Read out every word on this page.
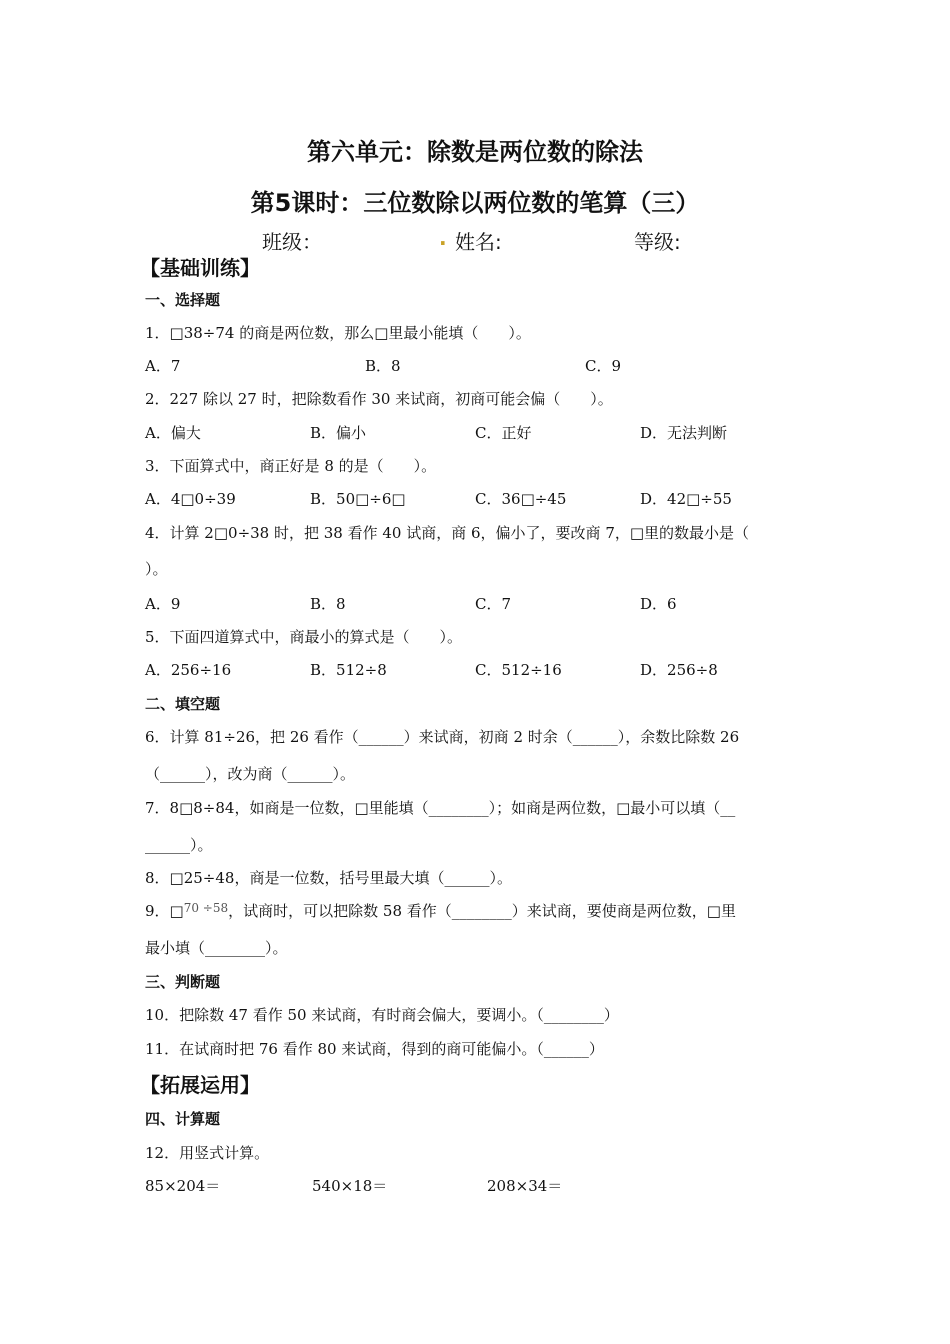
第六单元：除数是两位数的除法
第5课时：三位数除以两位数的笔算（三）
班级：	. 姓名:	等级:
【基础训练】
一、选择题
1．□38÷74 的商是两位数，那么□里最小能填（　　）。
A．7	B．8	C．9
2．227 除以 27 时，把除数看作 30 来试商，初商可能会偏（　　）。
A．偏大	B．偏小	C．正好	D．无法判断
3．下面算式中，商正好是 8 的是（　　）。
A．4□0÷39	B．50□÷6□	C．36□÷45	D．42□÷55
4．计算 2□0÷38 时，把 38 看作 40 试商，商 6，偏小了，要改商 7，□里的数最小是（
）。
A．9	B．8	C．7	D．6
5．下面四道算式中，商最小的算式是（　　）。
A．256÷16	B．512÷8	C．512÷16	D．256÷8
二、填空题
6．计算 81÷26，把 26 看作（______）来试商，初商 2 时余（______），余数比除数 26
（______），改为商（______）。
7．8□8÷84，如商是一位数，□里能填（________）；如商是两位数，□最小可以填（__
______）。
8．□25÷48，商是一位数，括号里最大填（______）。
9．□$^{70 \div 58}$，试商时，可以把除数 58 看作（________）来试商，要使商是两位数，□里
最小填（________）。
三、判断题
10．把除数 47 看作 50 来试商，有时商会偏大，要调小。（________）
11．在试商时把 76 看作 80 来试商，得到的商可能偏小。（______）
【拓展运用】
四、计算题
12．用竖式计算。
85×204＝	540×18＝	208×34＝
